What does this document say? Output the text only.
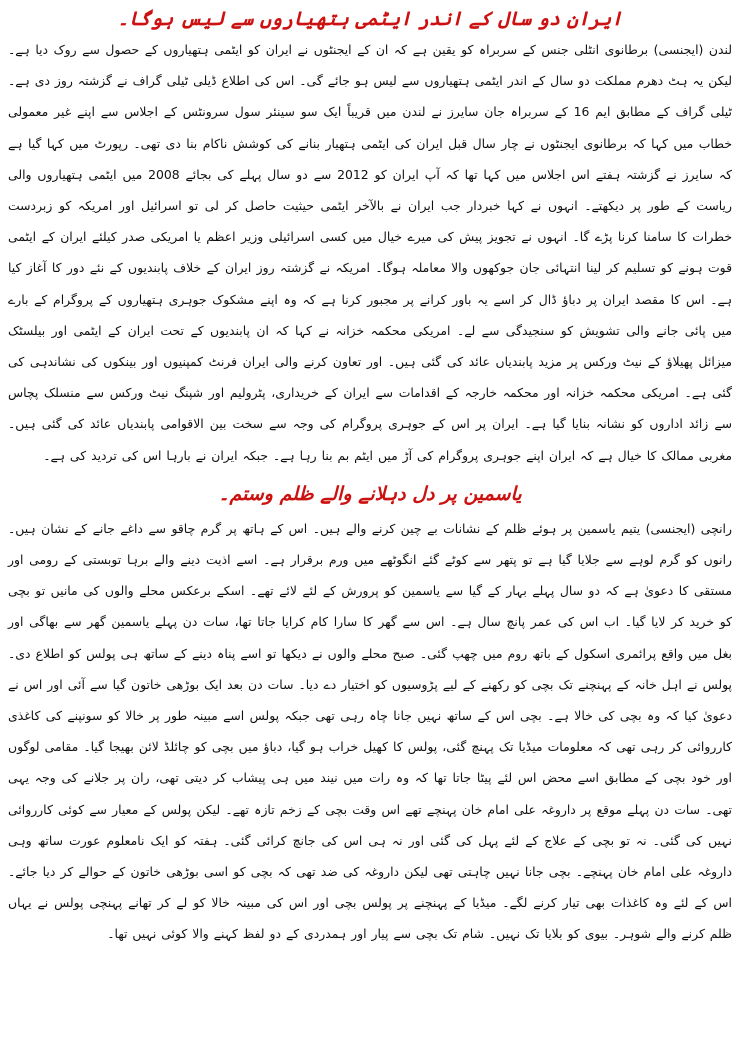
ایران دو سال کے اندر ایٹمی ہتھیاروں سے لیس ہوگا۔

لندن (ایجنسی) برطانوی انٹلی جنس کے سربراہ کو یقین ہے کہ ان کے ایجنٹوں نے ایران کو ایٹمی ہتھیاروں کے حصول سے روک دیا ہے۔ لیکن یہ ہٹ دھرم مملکت دو سال کے اندر ایٹمی ہتھیاروں سے لیس ہو جائے گی۔ اس کی اطلاع ڈیلی ٹیلی گراف نے گزشتہ روز دی ہے۔ ٹیلی گراف کے مطابق ایم 16 کے سربراہ جان سایرز نے لندن میں قریباً ایک سو سینئر سول سرونٹس کے اجلاس سے اپنے غیر معمولی خطاب میں کہا کہ برطانوی ایجنٹوں نے چار سال قبل ایران کی ایٹمی ہتھیار بنانے کی کوشش ناکام بنا دی تھی۔ رپورٹ میں کہا گیا ہے کہ سایرز نے گزشتہ ہفتے اس اجلاس میں کہا تھا کہ آپ ایران کو 2012 سے دو سال پہلے کی بجائے 2008 میں ایٹمی ہتھیاروں والی ریاست کے طور پر دیکھتے۔ انہوں نے کہا خبردار جب ایران نے بالآخر ایٹمی حیثیت حاصل کر لی تو اسرائیل اور امریکہ کو زبردست خطرات کا سامنا کرنا پڑے گا۔ انہوں نے تجویز پیش کی میرے خیال میں کسی اسرائیلی وزیر اعظم یا امریکی صدر کیلئے ایران کے ایٹمی قوت ہونے کو تسلیم کر لینا انتہائی جان جوکھوں والا معاملہ ہوگا۔ امریکہ نے گزشتہ روز ایران کے خلاف پابندیوں کے نئے دور کا آغاز کیا ہے۔ اس کا مقصد ایران پر دباؤ ڈال کر اسے یہ باور کرانے پر مجبور کرنا ہے کہ وہ اپنے مشکوک جوہری ہتھیاروں کے پروگرام کے بارے میں پائی جانے والی تشویش کو سنجیدگی سے لے۔ امریکی محکمہ خزانہ نے کہا کہ ان پابندیوں کے تحت ایران کے ایٹمی اور بیلسٹک میزائل پھیلاؤ کے نیٹ ورکس پر مزید پابندیاں عائد کی گئی ہیں۔ اور تعاون کرنے والی ایران فرنٹ کمپنیوں اور بینکوں کی نشاندہی کی گئی ہے۔ امریکی محکمہ خزانہ اور محکمہ خارجہ کے اقدامات سے ایران کے خریداری، پٹرولیم اور شپنگ نیٹ ورکس سے منسلک پچاس سے زائد اداروں کو نشانہ بنایا گیا ہے۔ ایران پر اس کے جوہری پروگرام کی وجہ سے سخت بین الاقوامی پابندیاں عائد کی گئی ہیں۔ مغربی ممالک کا خیال ہے کہ ایران اپنے جوہری پروگرام کی آڑ میں ایٹم بم بنا رہا ہے۔ جبکہ ایران نے بارہا اس کی تردید کی ہے۔

یاسمین پر دل دہلانے والے ظلم وستم۔

رانچی (ایجنسی) یتیم یاسمین پر ہوئے ظلم کے نشانات بے چین کرنے والے ہیں۔ اس کے ہاتھ پر گرم چاقو سے داغے جانے کے نشان ہیں۔ رانوں کو گرم لوہے سے جلایا گیا ہے تو پتھر سے کوٹے گئے انگوٹھے میں ورم برقرار ہے۔ اسے اذیت دینے والے برہا توبستی کے رومی اور مستقی کا دعویٰ ہے کہ دو سال پہلے بہار کے گیا سے یاسمین کو پرورش کے لئے لائے تھے۔ اسکے برعکس محلے والوں کی مانیں تو بچی کو خرید کر لایا گیا۔ اب اس کی عمر پانچ سال ہے۔ اس سے گھر کا سارا کام کرایا جاتا تھا، سات دن پہلے یاسمین گھر سے بھاگی اور بغل میں واقع پرائمری اسکول کے باتھ روم میں چھپ گئی۔ صبح محلے والوں نے دیکھا تو اسے پناہ دینے کے ساتھ ہی پولس کو اطلاع دی۔ پولس نے اہل خانہ کے پہنچنے تک بچی کو رکھنے کے لیے پڑوسیوں کو اختیار دے دیا۔ سات دن بعد ایک بوڑھی خاتون گیا سے آئی اور اس نے دعویٰ کیا کہ وہ بچی کی خالا ہے۔ بچی اس کے ساتھ نہیں جانا چاہ رہی تھی جبکہ پولس اسے مبینہ طور پر خالا کو سونپنے کی کاغذی کارروائی کر رہی تھی کہ معلومات میڈیا تک پہنچ گئی، پولس کا کھیل خراب ہو گیا، دباؤ میں بچی کو چائلڈ لائن بھیجا گیا۔ مقامی لوگوں اور خود بچی کے مطابق اسے محض اس لئے پیٹا جاتا تھا کہ وہ رات میں نیند میں ہی پیشاب کر دیتی تھی، ران پر جلانے کی وجہ یہی تھی۔ سات دن پہلے موقع پر داروغہ علی امام خان پہنچے تھے اس وقت بچی کے زخم تازہ تھے۔ لیکن پولس کے معیار سے کوئی کارروائی نہیں کی گئی۔ نہ تو بچی کے علاج کے لئے پہل کی گئی اور نہ ہی اس کی جانچ کرائی گئی۔ ہفتہ کو ایک نامعلوم عورت ساتھ وہی داروغہ علی امام خان پہنچے۔ بچی جانا نہیں چاہتی تھی لیکن داروغہ کی ضد تھی کہ بچی کو اسی بوڑھی خاتون کے حوالے کر دیا جائے۔ اس کے لئے وہ کاغذات بھی تیار کرنے لگے۔ میڈیا کے پہنچنے پر پولس بچی اور اس کی مبینہ خالا کو لے کر تھانے پہنچی پولس نے یہاں ظلم کرنے والے شوہر۔ بیوی کو بلایا تک نہیں۔ شام تک بچی سے پیار اور ہمدردی کے دو لفظ کہنے والا کوئی نہیں تھا۔
